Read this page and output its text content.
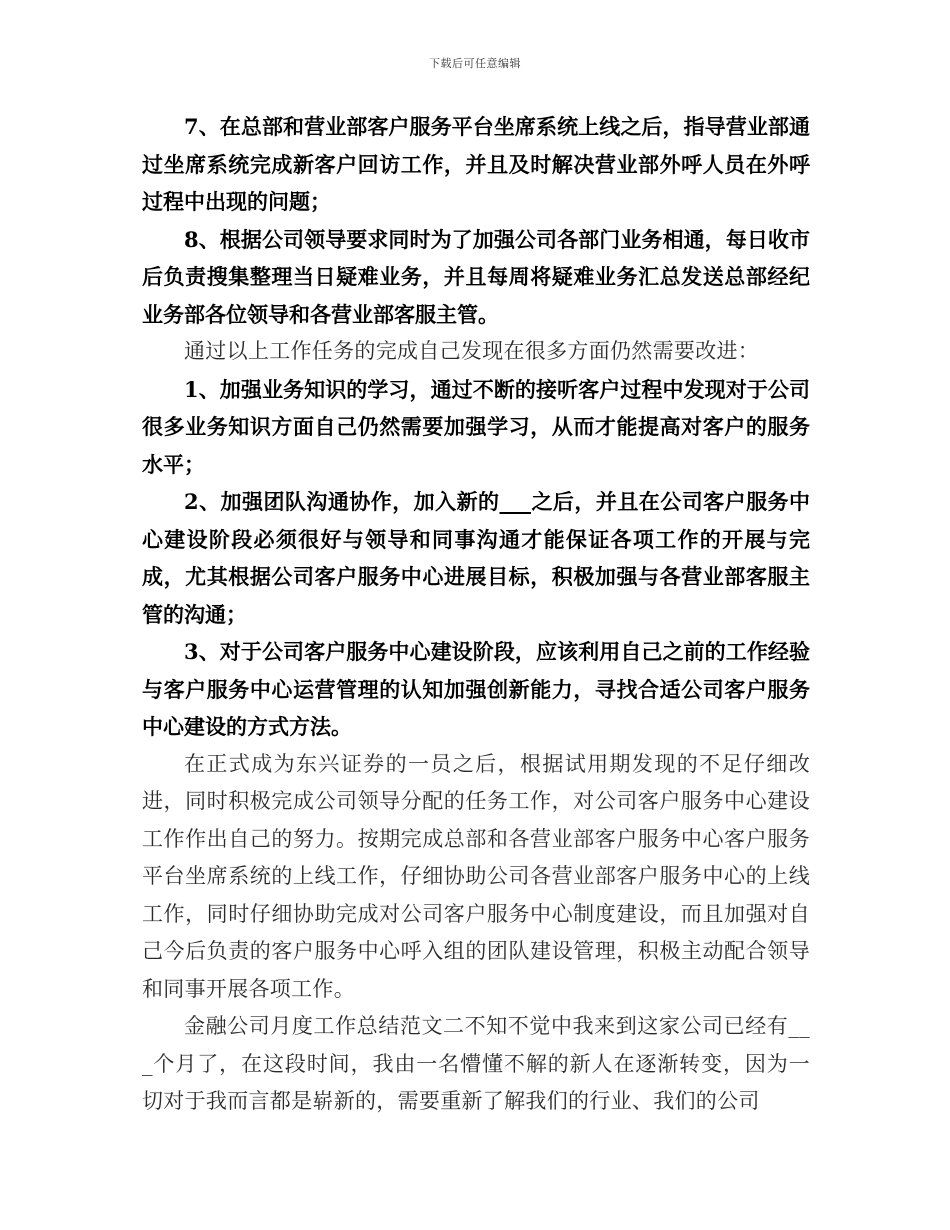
下载后可任意编辑

7、在总部和营业部客户服务平台坐席系统上线之后，指导营业部通过坐席系统完成新客户回访工作，并且及时解决营业部外呼人员在外呼过程中出现的问题；

8、根据公司领导要求同时为了加强公司各部门业务相通，每日收市后负责搜集整理当日疑难业务，并且每周将疑难业务汇总发送总部经纪业务部各位领导和各营业部客服主管。

通过以上工作任务的完成自己发现在很多方面仍然需要改进：

1、加强业务知识的学习，通过不断的接听客户过程中发现对于公司很多业务知识方面自己仍然需要加强学习，从而才能提高对客户的服务水平；

2、加强团队沟通协作，加入新的___之后，并且在公司客户服务中心建设阶段必须很好与领导和同事沟通才能保证各项工作的开展与完成，尤其根据公司客户服务中心进展目标，积极加强与各营业部客服主管的沟通；

3、对于公司客户服务中心建设阶段，应该利用自己之前的工作经验与客户服务中心运营管理的认知加强创新能力，寻找合适公司客户服务中心建设的方式方法。

在正式成为东兴证券的一员之后，根据试用期发现的不足仔细改进，同时积极完成公司领导分配的任务工作，对公司客户服务中心建设工作作出自己的努力。按期完成总部和各营业部客户服务中心客户服务平台坐席系统的上线工作，仔细协助公司各营业部客户服务中心的上线工作，同时仔细协助完成对公司客户服务中心制度建设，而且加强对自己今后负责的客户服务中心呼入组的团队建设管理，积极主动配合领导和同事开展各项工作。

金融公司月度工作总结范文二不知不觉中我来到这家公司已经有___个月了，在这段时间，我由一名懵懂不解的新人在逐渐转变，因为一切对于我而言都是崭新的，需要重新了解我们的行业、我们的公司
